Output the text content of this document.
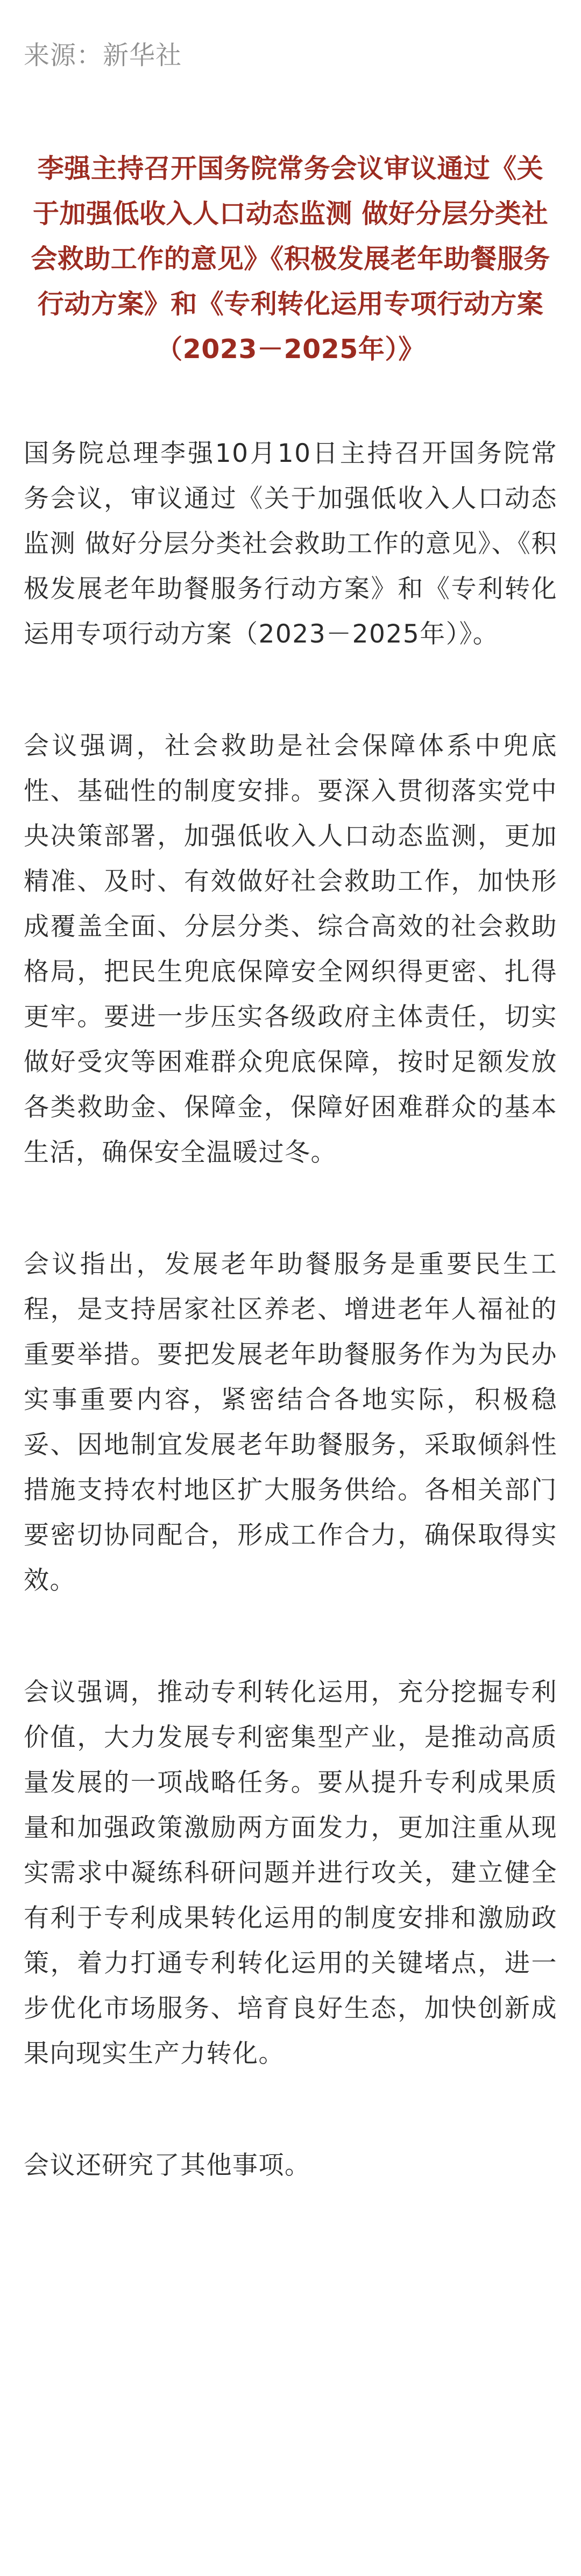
来源：新华社
李强主持召开国务院常务会议审议通过《关于加强低收入人口动态监测 做好分层分类社会救助工作的意见》《积极发展老年助餐服务行动方案》和《专利转化运用专项行动方案（2023－2025年）》

国务院总理李强10月10日主持召开国务院常务会议，审议通过《关于加强低收入人口动态监测 做好分层分类社会救助工作的意见》、《积极发展老年助餐服务行动方案》和《专利转化运用专项行动方案（2023－2025年）》。

会议强调，社会救助是社会保障体系中兜底性、基础性的制度安排。要深入贯彻落实党中央决策部署，加强低收入人口动态监测，更加精准、及时、有效做好社会救助工作，加快形成覆盖全面、分层分类、综合高效的社会救助格局，把民生兜底保障安全网织得更密、扎得更牢。要进一步压实各级政府主体责任，切实做好受灾等困难群众兜底保障，按时足额发放各类救助金、保障金，保障好困难群众的基本生活，确保安全温暖过冬。

会议指出，发展老年助餐服务是重要民生工程，是支持居家社区养老、增进老年人福祉的重要举措。要把发展老年助餐服务作为为民办实事重要内容，紧密结合各地实际，积极稳妥、因地制宜发展老年助餐服务，采取倾斜性措施支持农村地区扩大服务供给。各相关部门要密切协同配合，形成工作合力，确保取得实效。

会议强调，推动专利转化运用，充分挖掘专利价值，大力发展专利密集型产业，是推动高质量发展的一项战略任务。要从提升专利成果质量和加强政策激励两方面发力，更加注重从现实需求中凝练科研问题并进行攻关，建立健全有利于专利成果转化运用的制度安排和激励政策，着力打通专利转化运用的关键堵点，进一步优化市场服务、培育良好生态，加快创新成果向现实生产力转化。

会议还研究了其他事项。
